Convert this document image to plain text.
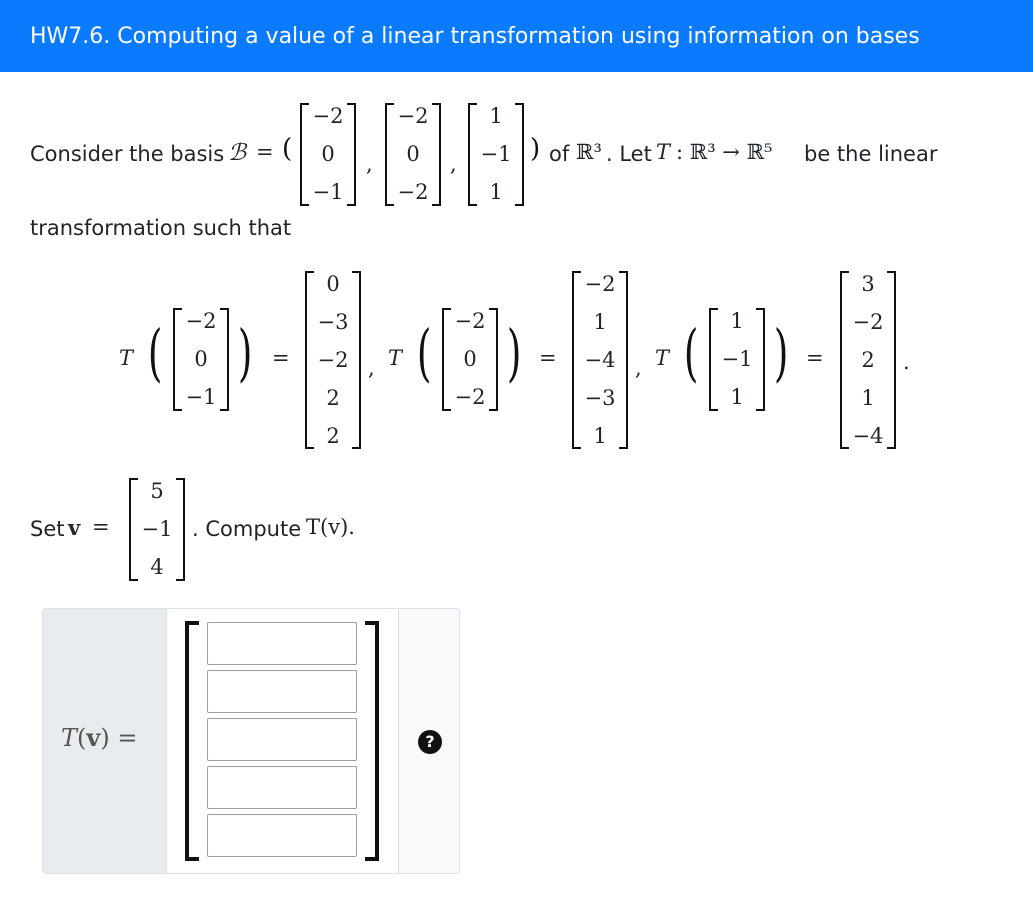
HW7.6. Computing a value of a linear transformation using information on bases
Consider the basis ℬ = (
−2
0
−1
,
−2
0
−2
,
1
−1
1
) of ℝ³ . Let T : ℝ³ → ℝ⁵ be the linear
transformation such that
T (	−2
0
−1
) =
0
−3
−2
2
2
, T (	−2
0
−2
) =
−2
1
−4
−3
1
, T (	1
−1
1
) =
3
−2
2
1
−4
.
Set v =
5
−1
4
. Compute T(v).
T(v) =	?
